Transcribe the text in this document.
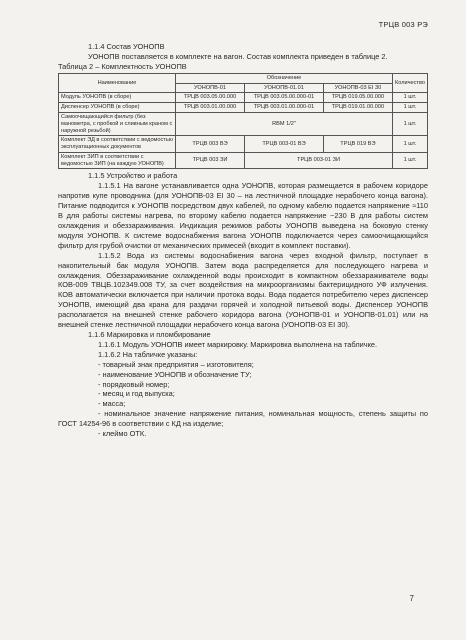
ТРЦВ 003 РЭ

1.1.4 Состав УОНОПВ

УОНОПВ поставляется в комплекте на вагон. Состав комплекта приведен в таблице 2.

Таблица 2 – Комплектность УОНОПВ

Наименование	Обозначение			Количество
	УОНОПВ-01	УОНОПВ-01.01	УОНОПВ-03 EI 30	
Модуль УОНОПВ (в сборе)	ТРЦВ 003.05.00.000	ТРЦВ 003.05.00.000-01	ТРЦВ 019.05.00.000	1 шт.
Диспенсер УОНОПВ (в сборе)	ТРЦВ 003.01.00.000	ТРЦВ 003.01.00.000-01	ТРЦВ 019.01.00.000	1 шт.
Самоочищающийся фильтр (без манометра, с пробкой и сливным краном с наружной резьбой)	RBM 1/2"			1 шт.
Комплект ЭД в соответствии с ведомостью эксплуатационных документов	ТРЦВ 003 ВЭ	ТРЦВ 003-01 ВЭ	ТРЦВ 019 ВЭ	1 шт.
Комплект ЗИП в соответствии с ведомостью ЗИП (на каждую УОНОПВ)	ТРЦВ 003 ЗИ	ТРЦВ 003-01 ЗИ		1 шт.

1.1.5 Устройство и работа

1.1.5.1 На вагоне устанавливается одна УОНОПВ, которая размещается в рабочем коридоре напротив купе проводника (для УОНОПВ-03 EI 30 – на лестничной площадке нерабочего конца вагона). Питание подводится к УОНОПВ посредством двух кабелей, по одному кабелю подается напряжение ≈110 В для работы системы нагрева, по второму кабелю подается напряжение ~230 В для работы систем охлаждения и обеззараживания. Индикация режимов работы УОНОПВ выведена на боковую стенку модуля УОНОПВ. К системе водоснабжения вагона УОНОПВ подключается через самоочищающийся фильтр для грубой очистки от механических примесей (входит в комплект поставки).

1.1.5.2 Вода из системы водоснабжения вагона через входной фильтр, поступает в накопительный бак модуля УОНОПВ. Затем вода распределяется для последующего нагрева и охлаждения. Обеззараживание охлажденной воды происходит в компактном обеззараживателе воды КОВ-009 ТВЦБ.102349.008 ТУ, за счет воздействия на микроорганизмы бактерицидного УФ излучения. КОВ автоматически включается при наличии протока воды. Вода подается потребителю через диспенсер УОНОПВ, имеющий два крана для раздачи горячей и холодной питьевой воды. Диспенсер УОНОПВ располагается на внешней стенке рабочего коридора вагона (УОНОПВ-01 и УОНОПВ-01.01) или на внешней стенке лестничной площадки нерабочего конца вагона (УОНОПВ-03 EI 30).

1.1.6 Маркировка и пломбирование

1.1.6.1 Модуль УОНОПВ имеет маркировку. Маркировка выполнена на табличке.

1.1.6.2 На табличке указаны:

- товарный знак предприятия – изготовителя;

- наименование УОНОПВ и обозначение ТУ;

- порядковый номер;

- месяц и год выпуска;

- масса;

- номинальное значение напряжение питания, номинальная мощность, степень защиты по ГОСТ 14254-96 в соответствии с КД на изделие;

- клеймо ОТК.

7
